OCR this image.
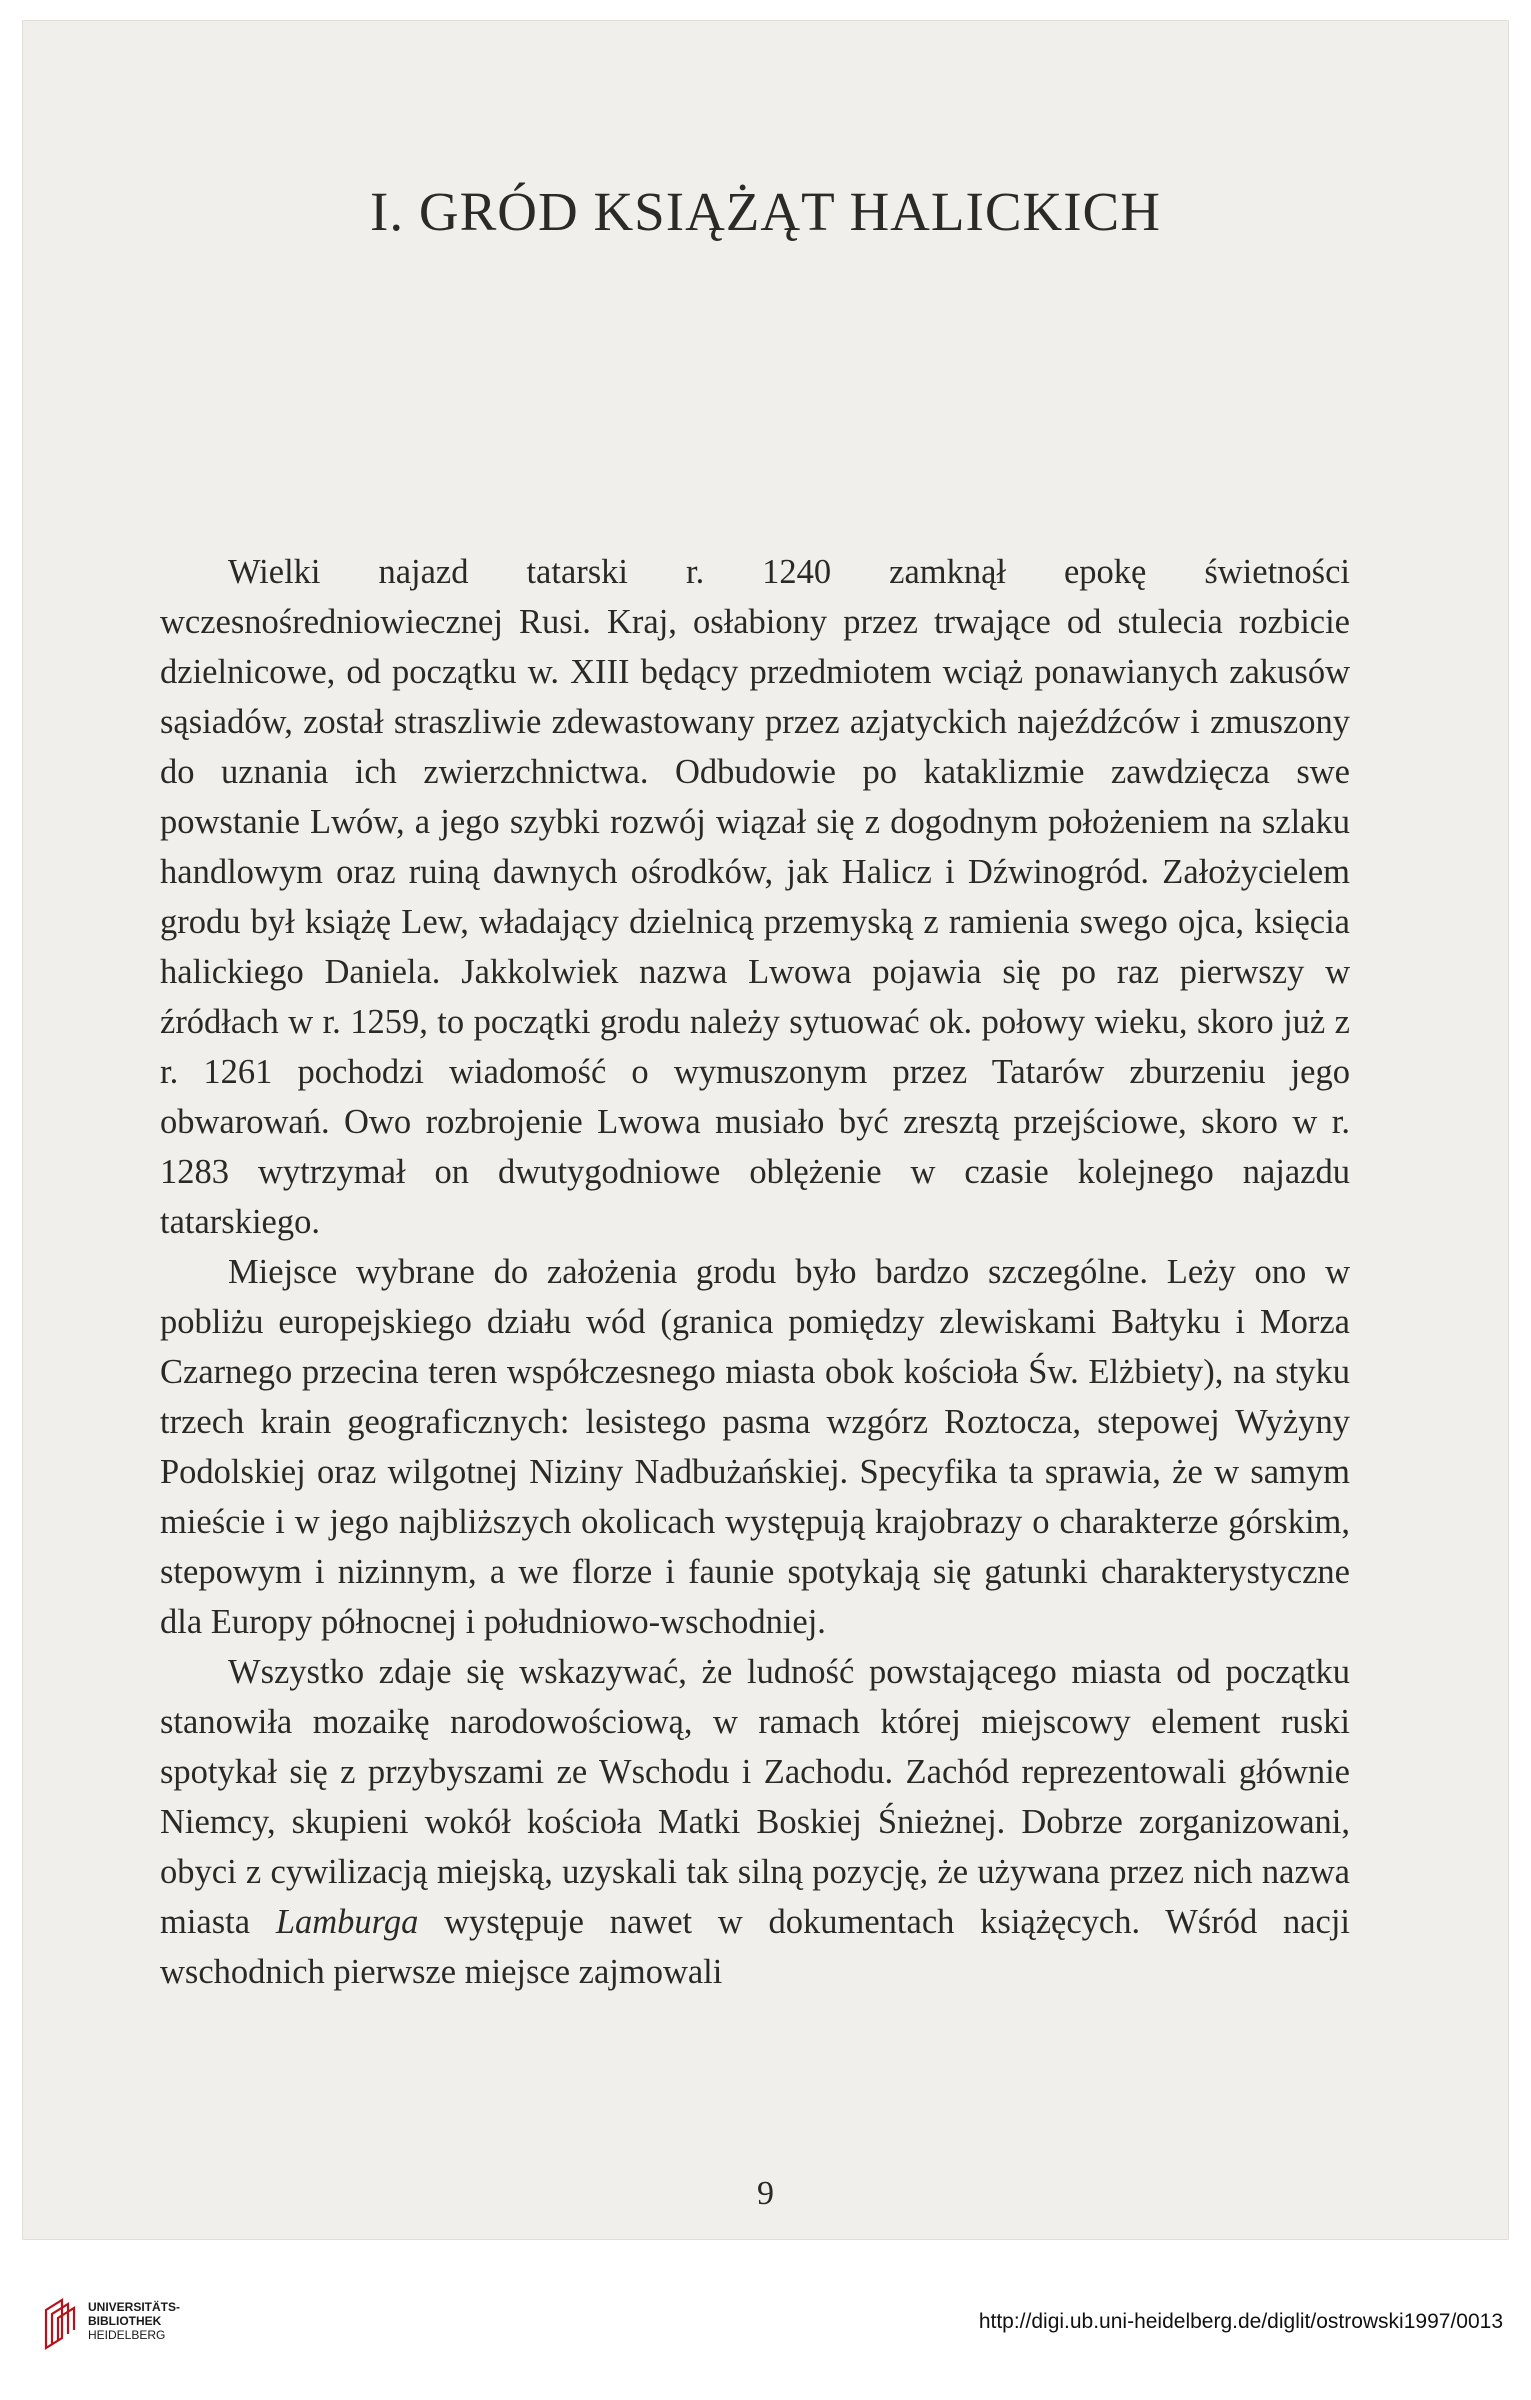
I. GRÓD KSIĄŻĄT HALICKICH

Wielki najazd tatarski r. 1240 zamknął epokę świetności wczesnośredniowiecznej Rusi. Kraj, osłabiony przez trwające od stulecia rozbicie dzielnicowe, od początku w. XIII będący przedmiotem wciąż ponawianych zakusów sąsiadów, został straszliwie zdewastowany przez azjatyckich najeźdźców i zmuszony do uznania ich zwierzchnictwa. Odbudowie po kataklizmie zawdzięcza swe powstanie Lwów, a jego szybki rozwój wiązał się z dogodnym położeniem na szlaku handlowym oraz ruiną dawnych ośrodków, jak Halicz i Dźwinogród. Założycielem grodu był książę Lew, władający dzielnicą przemyską z ramienia swego ojca, księcia halickiego Daniela. Jakkolwiek nazwa Lwowa pojawia się po raz pierwszy w źródłach w r. 1259, to początki grodu należy sytuować ok. połowy wieku, skoro już z r. 1261 pochodzi wiadomość o wymuszonym przez Tatarów zburzeniu jego obwarowań. Owo rozbrojenie Lwowa musiało być zresztą przejściowe, skoro w r. 1283 wytrzymał on dwutygodniowe oblężenie w czasie kolejnego najazdu tatarskiego.

Miejsce wybrane do założenia grodu było bardzo szczególne. Leży ono w pobliżu europejskiego działu wód (granica pomiędzy zlewiskami Bałtyku i Morza Czarnego przecina teren współczesnego miasta obok kościoła Św. Elżbiety), na styku trzech krain geograficznych: lesistego pasma wzgórz Roztocza, stepowej Wyżyny Podolskiej oraz wilgotnej Niziny Nadbużańskiej. Specyfika ta sprawia, że w samym mieście i w jego najbliższych okolicach występują krajobrazy o charakterze górskim, stepowym i nizinnym, a we florze i faunie spotykają się gatunki charakterystyczne dla Europy północnej i południowo-wschodniej.

Wszystko zdaje się wskazywać, że ludność powstającego miasta od początku stanowiła mozaikę narodowościową, w ramach której miejscowy element ruski spotykał się z przybyszami ze Wschodu i Zachodu. Zachód reprezentowali głównie Niemcy, skupieni wokół kościoła Matki Boskiej Śnieżnej. Dobrze zorganizowani, obyci z cywilizacją miejską, uzyskali tak silną pozycję, że używana przez nich nazwa miasta Lamburga występuje nawet w dokumentach książęcych. Wśród nacji wschodnich pierwsze miejsce zajmowali

9
UNIVERSITÄTS-
BIBLIOTHEK
HEIDELBERG
http://digi.ub.uni-heidelberg.de/diglit/ostrowski1997/0013
